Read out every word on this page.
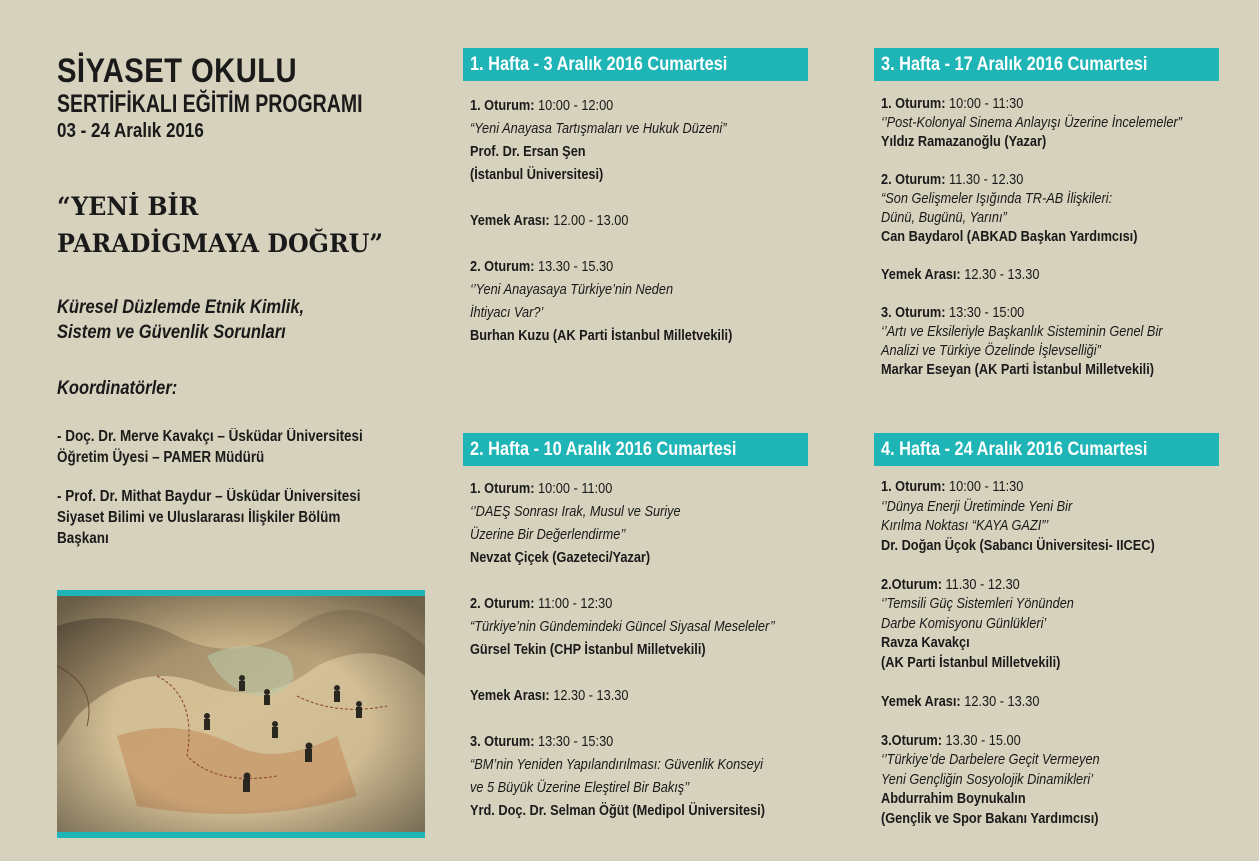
SİYASET OKULU
SERTİFİKALI EĞİTİM PROGRAMI
03 - 24 Aralık 2016
“YENİ BİR
PARADİGMAYA DOĞRU”
Küresel Düzlemde Etnik Kimlik,
Sistem ve Güvenlik Sorunları
Koordinatörler:
- Doç. Dr. Merve Kavakçı – Üsküdar Üniversitesi
Öğretim Üyesi – PAMER Müdürü
- Prof. Dr. Mithat Baydur – Üsküdar Üniversitesi
Siyaset Bilimi ve Uluslararası İlişkiler Bölüm
Başkanı
1. Hafta - 3 Aralık 2016 Cumartesi
1. Oturum: 10:00 - 12:00
“Yeni Anayasa Tartışmaları ve Hukuk Düzeni”
Prof. Dr. Ersan Şen
(İstanbul Üniversitesi)
Yemek Arası: 12.00 - 13.00
2. Oturum: 13.30 - 15.30
‘’Yeni Anayasaya Türkiye’nin Neden
İhtiyacı Var?’
Burhan Kuzu (AK Parti İstanbul Milletvekili)
2. Hafta - 10 Aralık 2016 Cumartesi
1. Oturum: 10:00 - 11:00
‘’DAEŞ Sonrası Irak, Musul ve Suriye
Üzerine Bir Değerlendirme’’
Nevzat Çiçek (Gazeteci/Yazar)
2. Oturum: 11:00 - 12:30
“Türkiye’nin Gündemindeki Güncel Siyasal Meseleler’’
Gürsel Tekin (CHP İstanbul Milletvekili)
Yemek Arası: 12.30 - 13.30
3. Oturum: 13:30 - 15:30
“BM’nin Yeniden Yapılandırılması: Güvenlik Konseyi
ve 5 Büyük Üzerine Eleştirel Bir Bakış’’
Yrd. Doç. Dr. Selman Öğüt (Medipol Üniversitesi)
3. Hafta - 17 Aralık 2016 Cumartesi
1. Oturum: 10:00 - 11:30
‘’Post-Kolonyal Sinema Anlayışı Üzerine İncelemeler”
Yıldız Ramazanoğlu (Yazar)
2. Oturum: 11.30 - 12.30
“Son Gelişmeler Işığında TR-AB İlişkileri:
Dünü, Bugünü, Yarını”
Can Baydarol (ABKAD Başkan Yardımcısı)
Yemek Arası: 12.30 - 13.30
3. Oturum: 13:30 - 15:00
‘’Artı ve Eksileriyle Başkanlık Sisteminin Genel Bir
Analizi ve Türkiye Özelinde İşlevselliği”
Markar Eseyan (AK Parti İstanbul Milletvekili)
4. Hafta - 24 Aralık 2016 Cumartesi
1. Oturum: 10:00 - 11:30
‘’Dünya Enerji Üretiminde Yeni Bir
Kırılma Noktası “KAYA GAZI”’
Dr. Doğan Üçok (Sabancı Üniversitesi- IICEC)
2.Oturum: 11.30 - 12.30
‘’Temsili Güç Sistemleri Yönünden
Darbe Komisyonu Günlükleri’
Ravza Kavakçı
(AK Parti İstanbul Milletvekili)
Yemek Arası: 12.30 - 13.30
3.Oturum: 13.30 - 15.00
‘’Türkiye’de Darbelere Geçit Vermeyen
Yeni Gençliğin Sosyolojik Dinamikleri’
Abdurrahim Boynukalın
(Gençlik ve Spor Bakanı Yardımcısı)
